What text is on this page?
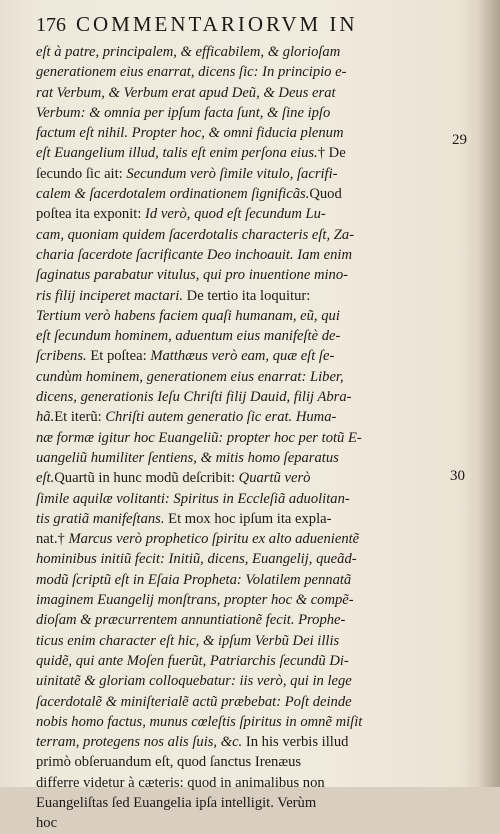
176 COMMENTARIORVM IN
eſt à patre, principalem, & efficabilem, & glorioſam
generationem eius enarrat, dicens ſic: In principio e-
rat Verbum, & Verbum erat apud Deũ, & Deus erat
Verbum: & omnia per ipſum facta ſunt, & ſine ipſo
factum eſt nihil. Propter hoc, & omni fiducia plenum
eſt Euangelium illud, talis eſt enim perſona eius.† De
ſecundo ſic ait: Secundum verò ſimile vitulo, ſacrifi-
calem & ſacerdotalem ordinationem ſignificãs.Quod
poſtea ita exponit: Id verò, quod eſt ſecundum Lu-
cam, quoniam quidem ſacerdotalis characteris eſt, Za-
charia ſacerdote ſacrificante Deo inchoauit. Iam enim
ſaginatus parabatur vitulus, qui pro inuentione mino-
ris filij inciperet mactari. De tertio ita loquitur:
Tertium verò habens faciem quaſi humanam, eũ, qui
eſt ſecundum hominem, aduentum eius manifeſtè de-
ſcribens. Et poſtea: Matthæus verò eam, quæ eſt ſe-
cundùm hominem, generationem eius enarrat: Liber,
dicens, generationis Ieſu Chriſti filij Dauid, filij Abra-
hã.Et iterũ: Chriſti autem generatio ſic erat. Huma-
næ formæ igitur hoc Euangeliũ: propter hoc per totũ E-
uangeliũ humiliter ſentiens, & mitis homo ſeparatus
eſt.Quartũ in hunc modũ deſcribit: Quartũ verò
ſimile aquilæ volitanti: Spiritus in Eccleſiã aduolitan-
tis gratiã manifeſtans. Et mox hoc ipſum ita expla-
nat.† Marcus verò prophetico ſpiritu ex alto aduenientẽ
hominibus initiũ fecit: Initiũ, dicens, Euangelij, queãd-
modũ ſcriptũ eſt in Eſaia Propheta: Volatilem pennatã
imaginem Euangelij monſtrans, propter hoc & compẽ-
dioſam & præcurrentem annuntiationẽ fecit. Prophe-
ticus enim character eſt hic, & ipſum Verbũ Dei illis
quidẽ, qui ante Moſen fuerũt, Patriarchis ſecundũ Di-
uinitatẽ & gloriam colloquebatur: iis verò, qui in lege
ſacerdotalẽ & miniſterialẽ actũ præbebat: Poſt deinde
nobis homo factus, munus cœleſtis ſpiritus in omnẽ miſit
terram, protegens nos alis ſuis, &c. In his verbis illud
primò obſeruandum eſt, quod ſanctus Irenæus
differre videtur à cæteris: quod in animalibus non
Euangeliſtas ſed Euangelia ipſa intelligit. Verùm
hoc
29
30
